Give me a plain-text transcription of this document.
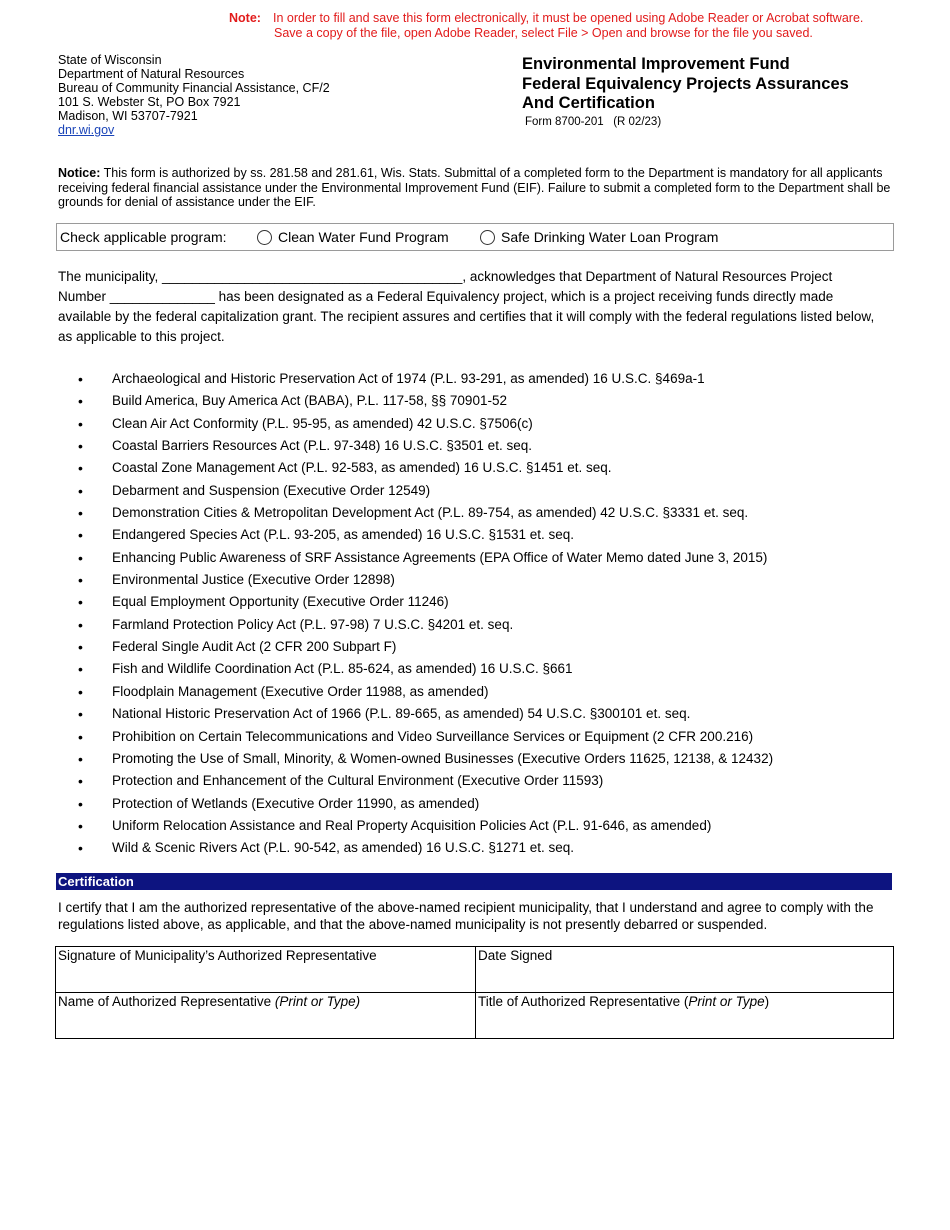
Note: In order to fill and save this form electronically, it must be opened using Adobe Reader or Acrobat software.
Save a copy of the file, open Adobe Reader, select File > Open and browse for the file you saved.
State of Wisconsin
Department of Natural Resources
Bureau of Community Financial Assistance, CF/2
101 S. Webster St, PO Box 7921
Madison, WI 53707-7921
dnr.wi.gov
Environmental Improvement Fund
Federal Equivalency Projects Assurances
And Certification
Form 8700-201   (R 02/23)
Notice: This form is authorized by ss. 281.58 and 281.61, Wis. Stats. Submittal of a completed form to the Department is mandatory for all applicants receiving federal financial assistance under the Environmental Improvement Fund (EIF). Failure to submit a completed form to the Department shall be grounds for denial of assistance under the EIF.
Check applicable program:	Clean Water Fund Program	Safe Drinking Water Loan Program
The municipality, ________________________________________, acknowledges that Department of Natural Resources Project Number ______________ has been designated as a Federal Equivalency project, which is a project receiving funds directly made available by the federal capitalization grant. The recipient assures and certifies that it will comply with the federal regulations listed below, as applicable to this project.
• Archaeological and Historic Preservation Act of 1974 (P.L. 93-291, as amended) 16 U.S.C. §469a-1
• Build America, Buy America Act (BABA), P.L. 117-58, §§ 70901-52
• Clean Air Act Conformity (P.L. 95-95, as amended) 42 U.S.C. §7506(c)
• Coastal Barriers Resources Act (P.L. 97-348) 16 U.S.C. §3501 et. seq.
• Coastal Zone Management Act (P.L. 92-583, as amended) 16 U.S.C. §1451 et. seq.
• Debarment and Suspension (Executive Order 12549)
• Demonstration Cities & Metropolitan Development Act (P.L. 89-754, as amended) 42 U.S.C. §3331 et. seq.
• Endangered Species Act (P.L. 93-205, as amended) 16 U.S.C. §1531 et. seq.
• Enhancing Public Awareness of SRF Assistance Agreements (EPA Office of Water Memo dated June 3, 2015)
• Environmental Justice (Executive Order 12898)
• Equal Employment Opportunity (Executive Order 11246)
• Farmland Protection Policy Act (P.L. 97-98) 7 U.S.C. §4201 et. seq.
• Federal Single Audit Act (2 CFR 200 Subpart F)
• Fish and Wildlife Coordination Act (P.L. 85-624, as amended) 16 U.S.C. §661
• Floodplain Management (Executive Order 11988, as amended)
• National Historic Preservation Act of 1966 (P.L. 89-665, as amended) 54 U.S.C. §300101 et. seq.
• Prohibition on Certain Telecommunications and Video Surveillance Services or Equipment (2 CFR 200.216)
• Promoting the Use of Small, Minority, & Women-owned Businesses (Executive Orders 11625, 12138, & 12432)
• Protection and Enhancement of the Cultural Environment (Executive Order 11593)
• Protection of Wetlands (Executive Order 11990, as amended)
• Uniform Relocation Assistance and Real Property Acquisition Policies Act (P.L. 91-646, as amended)
• Wild & Scenic Rivers Act (P.L. 90-542, as amended) 16 U.S.C. §1271 et. seq.
Certification
I certify that I am the authorized representative of the above-named recipient municipality, that I understand and agree to comply with the regulations listed above, as applicable, and that the above-named municipality is not presently debarred or suspended.
Signature of Municipality’s Authorized Representative	Date Signed
Name of Authorized Representative (Print or Type)	Title of Authorized Representative (Print or Type)
